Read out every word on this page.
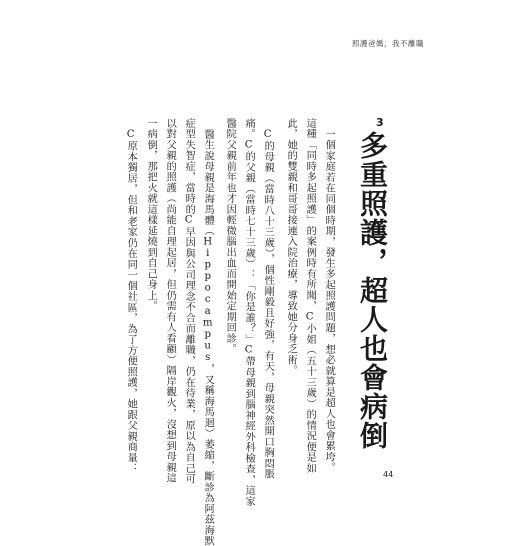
照護爸媽，我不離職
3
多重照護，超人也會病倒
一個家庭若在同個時期，發生多起照護問題，想必就算是超人也會累垮。
這種「同時多起照護」的案例時有所聞，C小姐（五十三歲）的情況便是如
此，她的雙親和哥哥接連入院治療，導致她分身乏術。
C的母親（當時八十三歲），個性剛毅且好強，有天，母親突然開口胸悶脹
痛。C的父親（當時七十三歲）：「你是誰？」C帶母親到腦神經外科檢查，這家
醫院父親前年也才因輕微腦出血而開始定期回診。
醫生說母親是海馬體（Hippocampus，又稱海馬迴）萎縮，斷診為阿茲海默
症型失智症，當時的C早因與公司理念不合而離職，仍在待業，原以為自己可
以對父親的照護（尚能自理起居，但仍需有人看顧）隔岸觀火，沒想到母親這
一病倒，那把火就這樣延燒到自己身上。
C原本獨居，但和老家仍在同一個社區，為了方便照護，她跟父親商量：
44
